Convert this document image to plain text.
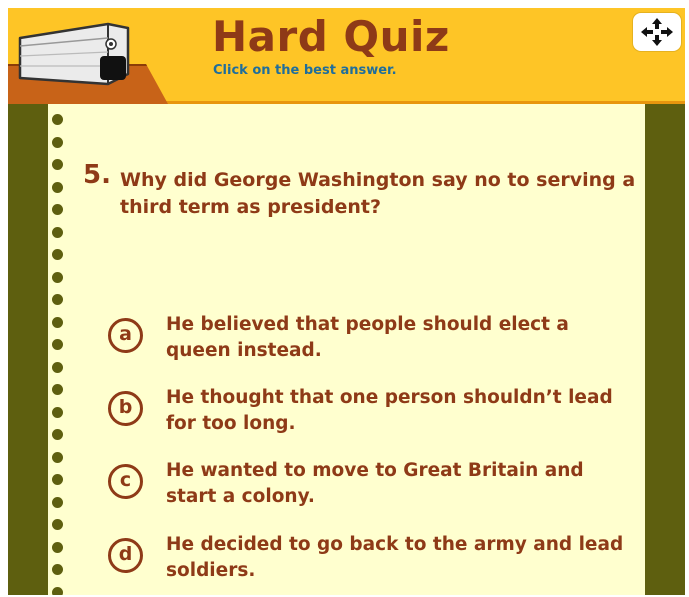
Hard Quiz
Click on the best answer.
5. Why did George Washington say no to serving a third term as president?

a	He believed that people should elect a queen instead.
b	He thought that one person shouldn’t lead for too long.
c	He wanted to move to Great Britain and start a colony.
d	He decided to go back to the army and lead soldiers.
